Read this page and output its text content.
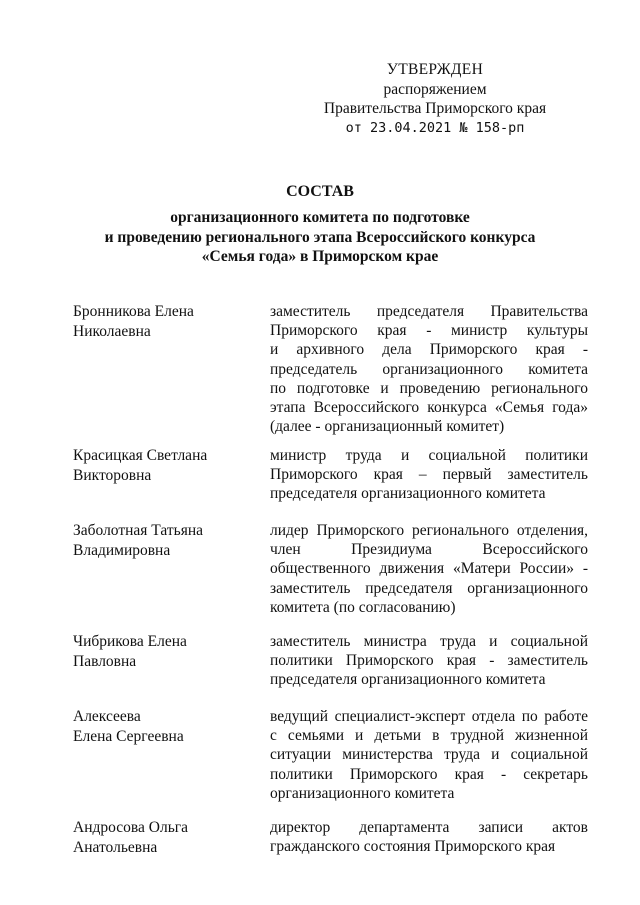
УТВЕРЖДЕН
распоряжением
Правительства Приморского края
от 23.04.2021 № 158-рп
СОСТАВ
организационного комитета по подготовке
и проведению регионального этапа Всероссийского конкурса
«Семья года» в Приморском крае
Бронникова Елена
Николаевна
заместитель председателя Правительства
Приморского края - министр культуры
и архивного дела Приморского края -
председатель организационного комитета
по подготовке и проведению регионального
этапа Всероссийского конкурса «Семья года»
(далее - организационный комитет)
Красицкая Светлана
Викторовна
министр труда и социальной политики
Приморского края – первый заместитель
председателя организационного комитета
Заболотная Татьяна
Владимировна
лидер Приморского регионального отделения,
член Президиума Всероссийского
общественного движения «Матери России» -
заместитель председателя организационного
комитета (по согласованию)
Чибрикова Елена
Павловна
заместитель министра труда и социальной
политики Приморского края - заместитель
председателя организационного комитета
Алексеева
Елена Сергеевна
ведущий специалист-эксперт отдела по работе
с семьями и детьми в трудной жизненной
ситуации министерства труда и социальной
политики Приморского края - секретарь
организационного комитета
Андросова Ольга
Анатольевна
директор департамента записи актов
гражданского состояния Приморского края
